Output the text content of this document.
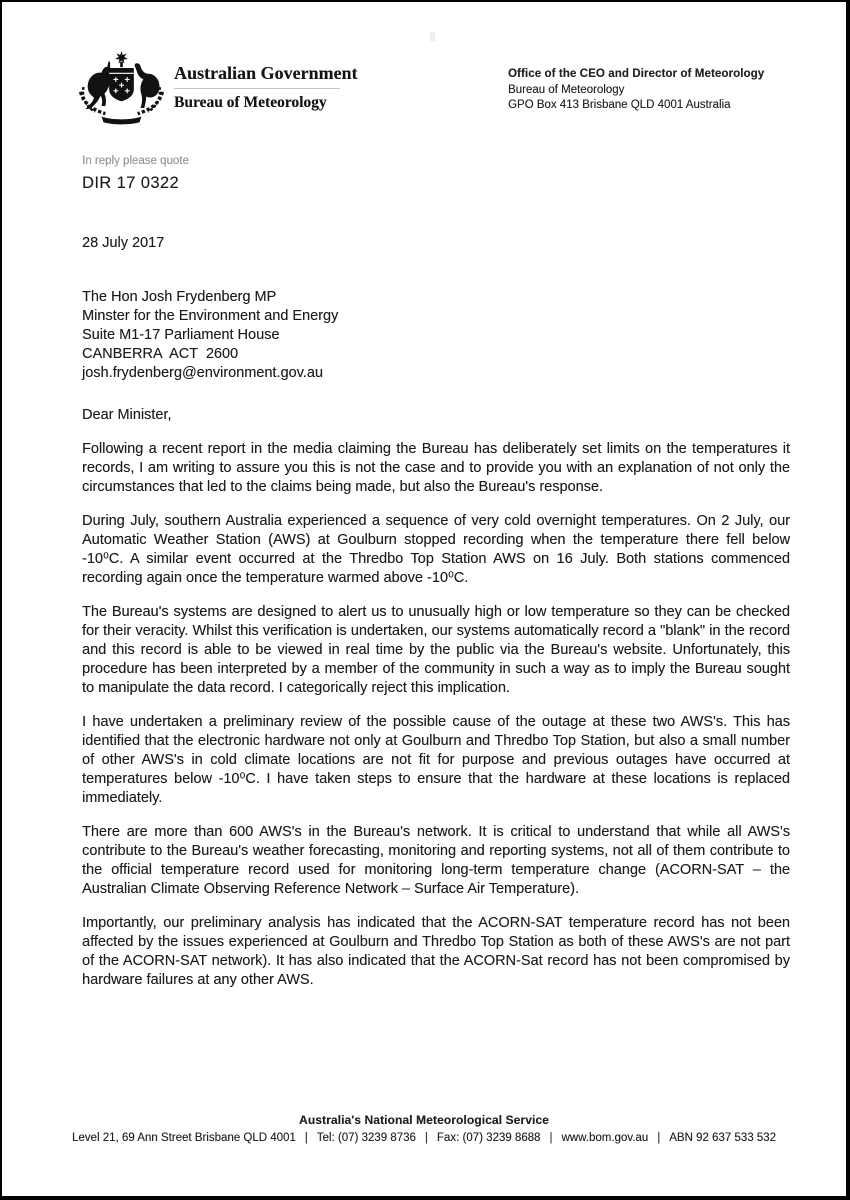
Australian Government
Bureau of Meteorology
Office of the CEO and Director of Meteorology
Bureau of Meteorology
GPO Box 413 Brisbane QLD 4001 Australia
In reply please quote
DIR 17 0322
28 July 2017
The Hon Josh Frydenberg MP
Minster for the Environment and Energy
Suite M1-17 Parliament House
CANBERRA  ACT  2600
josh.frydenberg@environment.gov.au
Dear Minister,

Following a recent report in the media claiming the Bureau has deliberately set limits on the temperatures it records, I am writing to assure you this is not the case and to provide you with an explanation of not only the circumstances that led to the claims being made, but also the Bureau's response.

During July, southern Australia experienced a sequence of very cold overnight temperatures. On 2 July, our Automatic Weather Station (AWS) at Goulburn stopped recording when the temperature there fell below -10⁰C. A similar event occurred at the Thredbo Top Station AWS on 16 July. Both stations commenced recording again once the temperature warmed above -10⁰C.

The Bureau's systems are designed to alert us to unusually high or low temperature so they can be checked for their veracity. Whilst this verification is undertaken, our systems automatically record a "blank" in the record and this record is able to be viewed in real time by the public via the Bureau's website. Unfortunately, this procedure has been interpreted by a member of the community in such a way as to imply the Bureau sought to manipulate the data record. I categorically reject this implication.

I have undertaken a preliminary review of the possible cause of the outage at these two AWS's. This has identified that the electronic hardware not only at Goulburn and Thredbo Top Station, but also a small number of other AWS's in cold climate locations are not fit for purpose and previous outages have occurred at temperatures below -10⁰C. I have taken steps to ensure that the hardware at these locations is replaced immediately.

There are more than 600 AWS's in the Bureau's network. It is critical to understand that while all AWS's contribute to the Bureau's weather forecasting, monitoring and reporting systems, not all of them contribute to the official temperature record used for monitoring long-term temperature change (ACORN-SAT – the Australian Climate Observing Reference Network – Surface Air Temperature).

Importantly, our preliminary analysis has indicated that the ACORN-SAT temperature record has not been affected by the issues experienced at Goulburn and Thredbo Top Station as both of these AWS's are not part of the ACORN-SAT network). It has also indicated that the ACORN-Sat record has not been compromised by hardware failures at any other AWS.

Australia's National Meteorological Service
Level 21, 69 Ann Street Brisbane QLD 4001 | Tel: (07) 3239 8736 | Fax: (07) 3239 8688 | www.bom.gov.au | ABN 92 637 533 532
